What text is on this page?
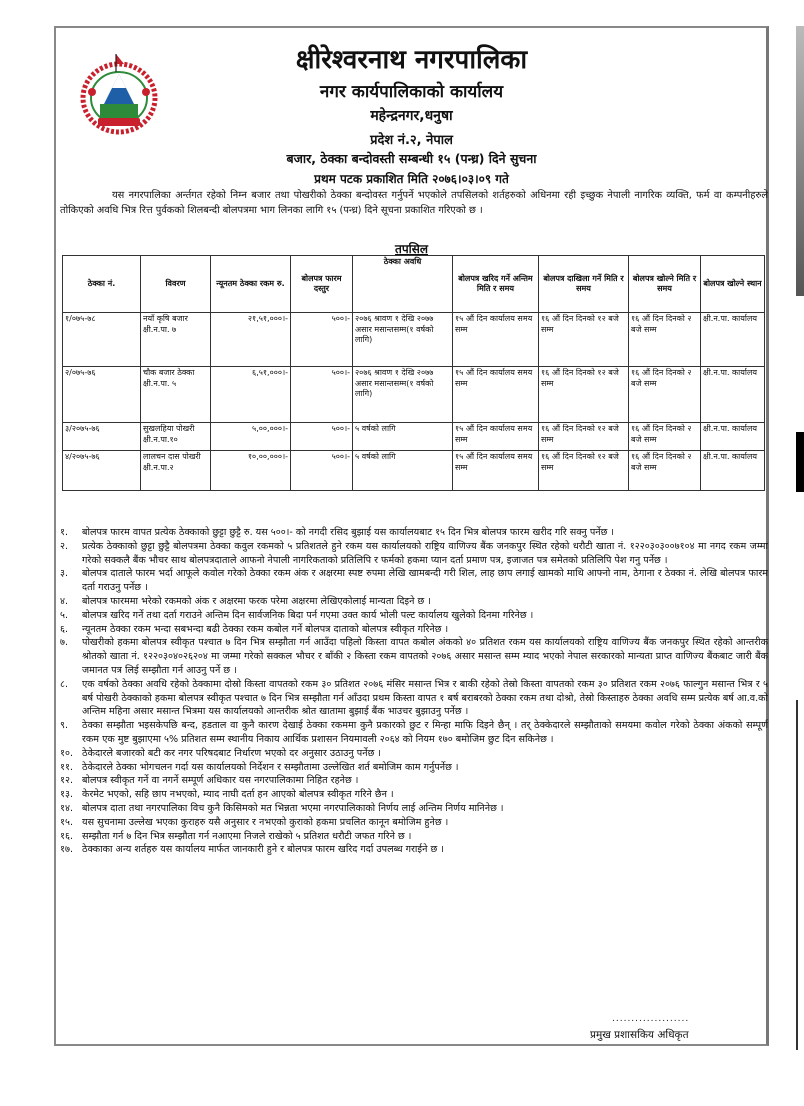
क्षीरेश्वरनाथ नगरपालिका
नगर कार्यपालिकाको कार्यालय
महेन्द्रनगर,धनुषा
प्रदेश नं.२, नेपाल
बजार, ठेक्का बन्दोवस्ती सम्बन्धी १५ (पन्ध्र) दिने सुचना
प्रथम पटक प्रकाशित मिति २०७६।०३।०९ गते
यस नगरपालिका अर्न्तगत रहेको निम्न बजार तथा पोखरीको ठेक्का बन्दोवस्त गर्नुपर्ने भएकोले तपसिलको शर्तहरुको अधिनमा रही इच्छुक नेपाली नागरिक व्यक्ति, फर्म वा कम्पनीहरुले तोकिएको अवधि भित्र रित्त पुर्वकको शिलबन्दी बोलपत्रमा भाग लिनका लागि १५ (पन्ध्र) दिने सूचना प्रकाशित गरिएको छ ।
तपसिल
ठेक्का नं.	विवरण	न्यूनतम ठेक्का रकम रु.	बोलपत्र फारम दस्तुर	ठेक्का अवधि	बोलपत्र खरिद गर्ने अन्तिम मिति र समय	बोलपत्र दाखिला गर्ने मिति र समय	बोलपत्र खोल्ने मिति र समय	बोलपत्र खोल्ने स्थान
१/०७५-७८	नयाँ कृषि बजार क्षी.न.पा. ७	२१,५१,०००।-	५००।-	२०७६ श्रावण १ देखि २०७७ असार मसान्तसम्म(१ वर्षको लागि)	१५ औं दिन कार्यालय समय सम्म	१६ औं दिन दिनको १२ बजे सम्म	१६ औं दिन दिनको २ बजे सम्म	क्षी.न.पा. कार्यालय
२/०७५-७६	चौक बजार ठेक्का क्षी.न.पा. ५	६,५१,०००।-	५००।-	२०७६ श्रावण १ देखि २०७७ असार मसान्तसम्म(१ वर्षको लागि)	१५ औं दिन कार्यालय समय सम्म	१६ औं दिन दिनको १२ बजे सम्म	१६ औं दिन दिनको २ बजे सम्म	क्षी.न.पा. कार्यालय
३/२०७५-७६	सुखलहिया पोखरी क्षी.न.पा.१०	५,००,०००।-	५००।-	५ वर्षको लागि	१५ औं दिन कार्यालय समय सम्म	१६ औं दिन दिनको १२ बजे सम्म	१६ औं दिन दिनको २ बजे सम्म	क्षी.न.पा. कार्यालय
४/२०७५-७६	लालचन दास पोखरी क्षी.न.पा.२	१०,००,०००।-	५००।-	५ वर्षको लागि	१५ औं दिन कार्यालय समय सम्म	१६ औं दिन दिनको १२ बजे सम्म	१६ औं दिन दिनको २ बजे सम्म	क्षी.न.पा. कार्यालय
१.	बोलपत्र फारम वापत प्रत्येक ठेक्काको छुट्टा छुट्टै रु. यस ५००।- को नगदी रसिद बुझाई यस कार्यालयबाट १५ दिन भित्र बोलपत्र फारम खरीद गरि सक्नु पर्नेछ ।
२.	प्रत्येक ठेक्काको छुट्टा छुट्टै बोलपत्रमा ठेक्का कवुल रकमको ५ प्रतिशतले हुने रकम यस कार्यालयको राष्ट्रिय वाणिज्य बैंक जनकपुर स्थित रहेको धरौटी खाता नं. १२२०३०३००७१०४ मा नगद रकम जम्मा गरेको सक्कलै बैंक भौचर साथ बोलपत्रदाताले आफनो नेपाली नागरिकताको प्रतिलिपि र फर्मको हकमा प्यान दर्ता प्रमाण पत्र, इजाजत पत्र समेतको प्रतिलिपि पेश गनु पर्नेछ ।
३.	बोलपत्र दाताले फारम भर्दा आफूले कवोल गरेको ठेक्का रकम अंक र अक्षरमा स्पष्ट रुपमा लेखि खामबन्दी गरी शिल, लाह छाप लगाई खामको माथि आफ्नो नाम, ठेगाना र ठेक्का नं. लेखि बोलपत्र फारम दर्ता गराउनु पर्नेछ ।
४.	बोलपत्र फारममा भरेको रकमको अंक र अक्षरमा फरक परेमा अक्षरमा लेखिएकोलाई मान्यता दिइने छ ।
५.	बोलपत्र खरिद गर्ने तथा दर्ता गराउने अन्तिम दिन सार्वजनिक बिदा पर्न गएमा उक्त कार्य भोली पल्ट कार्यालय खुलेको दिनमा गरिनेछ ।
६.	न्यूनतम ठेक्का रकम भन्दा सबभन्दा बढी ठेक्का रकम कबोल गर्ने बोलपत्र दाताको बोलपत्र स्वीकृत गरिनेछ ।
७.	पोखरीको हकमा बोलपत्र स्वीकृत पश्चात ७ दिन भित्र सम्झौता गर्न आउँदा पहिलो किस्ता वापत कबोल अंकको ४० प्रतिशत रकम यस कार्यालयको राष्ट्रिय वाणिज्य बैंक जनकपुर स्थित रहेको आन्तरीक श्रोतको खाता नं. १२२०३०४०२६२०४ मा जम्मा गरेको सक्कल भौचर र बाँकी २ किस्ता रकम वापतको २०७६ असार मसान्त सम्म म्याद भएको नेपाल सरकारको मान्यता प्राप्त वाणिज्य बैंकबाट जारी बैंक जमानत पत्र लिई सम्झौता गर्न आउनु पर्ने छ ।
८.	एक वर्षको ठेक्का अवधि रहेको ठेक्कामा दोस्रो किस्ता वापतको रकम ३० प्रतिशत २०७६ मंसिर मसान्त भित्र र बाकी रहेको तेस्रो किस्ता वापतको रकम ३० प्रतिशत रकम २०७६ फाल्गुन मसान्त भित्र र ५ बर्ष पोखरी ठेक्काको हकमा बोलपत्र स्वीकृत पश्चात ७ दिन भित्र सम्झौता गर्न आँउदा प्रथम किस्ता वापत १ बर्ष बराबरको ठेक्का रकम तथा दोश्रो, तेस्रो किस्ताहरु ठेक्का अवधि सम्म प्रत्येक बर्ष आ.व.को अन्तिम महिना असार मसान्त भित्रमा यस कार्यालयको आन्तरीक श्रोत खातामा बुझाई बैंक भाउचर बुझाउनु पर्नेछ ।
९.	ठेक्का सम्झौता भइसकेपछि बन्द, हडताल वा कुनै कारण देखाई ठेक्का रकममा कुनै प्रकारको छुट र मिन्हा माफि दिइने छैन् । तर् ठेक्केदारले सम्झौताको समयमा कवोल गरेको ठेक्का अंकको सम्पूर्ण रकम एक मुष्ट बुझाएमा ५% प्रतिशत सम्म स्थानीय निकाय आर्थिक प्रशासन नियमावली २०६४ को नियम १७० बमोजिम छुट दिन सकिनेछ ।
१०. ठेकेदारले बजारको बटी कर नगर परिषदबाट निर्धारण भएको दर अनुसार उठाउनु पर्नेछ ।
११. ठेकेदारले ठेक्का भोगचलन गर्दा यस कार्यालयको निर्देशन र सम्झौतामा उल्लेखित शर्त बमोजिम काम गर्नुपर्नेछ ।
१२. बोलपत्र स्वीकृत गर्ने वा नगर्ने सम्पूर्ण अधिकार यस नगरपालिकामा निहित रहनेछ ।
१३. केरमेट भएको, सहि छाप नभएको, म्याद नाघी दर्ता हन आएको बोलपत्र स्वीकृत गरिने छैन ।
१४. बोलपत्र दाता तथा नगरपालिका विच कुनै किसिमको मत भिन्नता भएमा नगरपालिकाको निर्णय लाई अन्तिम निर्णय मानिनेछ ।
१५. यस सुचनामा उल्लेख भएका कुराहरु यसै अनुसार र नभएको कुराको हकमा प्रचलित कानून बमोजिम हुनेछ ।
१६. सम्झौता गर्न ७ दिन भित्र सम्झौता गर्न नआएमा निजले राखेको ५ प्रतिशत धरौटी जफत गरिने छ ।
१७. ठेक्काका अन्य शर्तहरु यस कार्यालय मार्फत जानकारी हुने र बोलपत्र फारम खरिद गर्दा उपलब्ध गराईने छ ।
....................
प्रमुख प्रशासकिय अधिकृत
